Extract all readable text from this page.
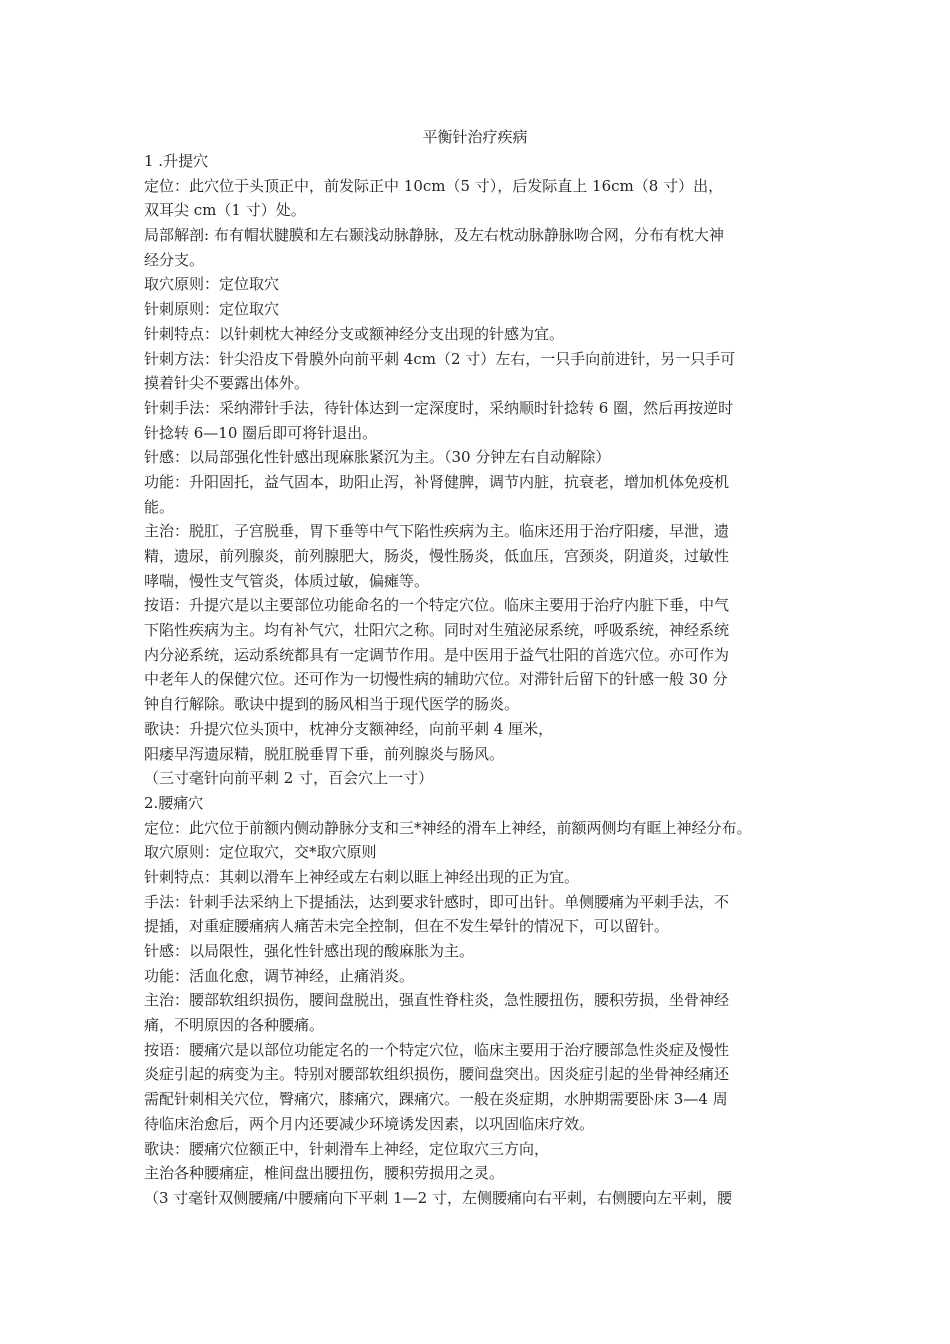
平衡针治疗疾病
1 .升提穴
定位：此穴位于头顶正中，前发际正中 10cm（5 寸），后发际直上 16cm（8 寸）出，
双耳尖 cm（1 寸）处。
局部解剖: 布有帽状腱膜和左右颞浅动脉静脉，及左右枕动脉静脉吻合网，分布有枕大神
经分支。
取穴原则：定位取穴
针刺原则：定位取穴
针刺特点：以针刺枕大神经分支或额神经分支出现的针感为宜。
针刺方法：针尖沿皮下骨膜外向前平刺 4cm（2 寸）左右，一只手向前进针，另一只手可
摸着针尖不要露出体外。
针刺手法：采纳滞针手法，待针体达到一定深度时，采纳顺时针捻转 6 圈，然后再按逆时
针捻转 6—10 圈后即可将针退出。
针感：以局部强化性针感出现麻胀紧沉为主。（30 分钟左右自动解除）
功能：升阳固托，益气固本，助阳止泻，补肾健脾，调节内脏，抗衰老，增加机体免疫机
能。
主治：脱肛，子宫脱垂，胃下垂等中气下陷性疾病为主。临床还用于治疗阳痿，早泄，遗
精，遗尿，前列腺炎，前列腺肥大，肠炎，慢性肠炎，低血压，宫颈炎，阴道炎，过敏性
哮喘，慢性支气管炎，体质过敏，偏瘫等。
按语：升提穴是以主要部位功能命名的一个特定穴位。临床主要用于治疗内脏下垂，中气
下陷性疾病为主。均有补气穴，壮阳穴之称。同时对生殖泌尿系统，呼吸系统，神经系统
内分泌系统，运动系统都具有一定调节作用。是中医用于益气壮阳的首选穴位。亦可作为
中老年人的保健穴位。还可作为一切慢性病的辅助穴位。对滞针后留下的针感一般 30 分
钟自行解除。歌诀中提到的肠风相当于现代医学的肠炎。
歌诀：升提穴位头顶中，枕神分支额神经，向前平刺 4 厘米，
阳痿早泻遗尿精，脱肛脱垂胃下垂，前列腺炎与肠风。
（三寸毫针向前平刺 2 寸，百会穴上一寸）
2.腰痛穴
定位：此穴位于前额内侧动静脉分支和三*神经的滑车上神经，前额两侧均有眶上神经分布。
取穴原则：定位取穴，交*取穴原则
针刺特点：其刺以滑车上神经或左右刺以眶上神经出现的正为宜。
手法：针刺手法采纳上下提插法，达到要求针感时，即可出针。单侧腰痛为平刺手法，不
提插，对重症腰痛病人痛苦未完全控制，但在不发生晕针的情况下，可以留针。
针感：以局限性，强化性针感出现的酸麻胀为主。
功能：活血化愈，调节神经，止痛消炎。
主治：腰部软组织损伤，腰间盘脱出，强直性脊柱炎，急性腰扭伤，腰积劳损，坐骨神经
痛，不明原因的各种腰痛。
按语：腰痛穴是以部位功能定名的一个特定穴位，临床主要用于治疗腰部急性炎症及慢性
炎症引起的病变为主。特别对腰部软组织损伤，腰间盘突出。因炎症引起的坐骨神经痛还
需配针刺相关穴位，臀痛穴，膝痛穴，踝痛穴。一般在炎症期，水肿期需要卧床 3—4 周
待临床治愈后，两个月内还要减少环境诱发因素，以巩固临床疗效。
歌诀：腰痛穴位额正中，针刺滑车上神经，定位取穴三方向，
主治各种腰痛症，椎间盘出腰扭伤，腰积劳损用之灵。
（3 寸毫针双侧腰痛/中腰痛向下平刺 1—2 寸，左侧腰痛向右平刺，右侧腰向左平刺，腰
